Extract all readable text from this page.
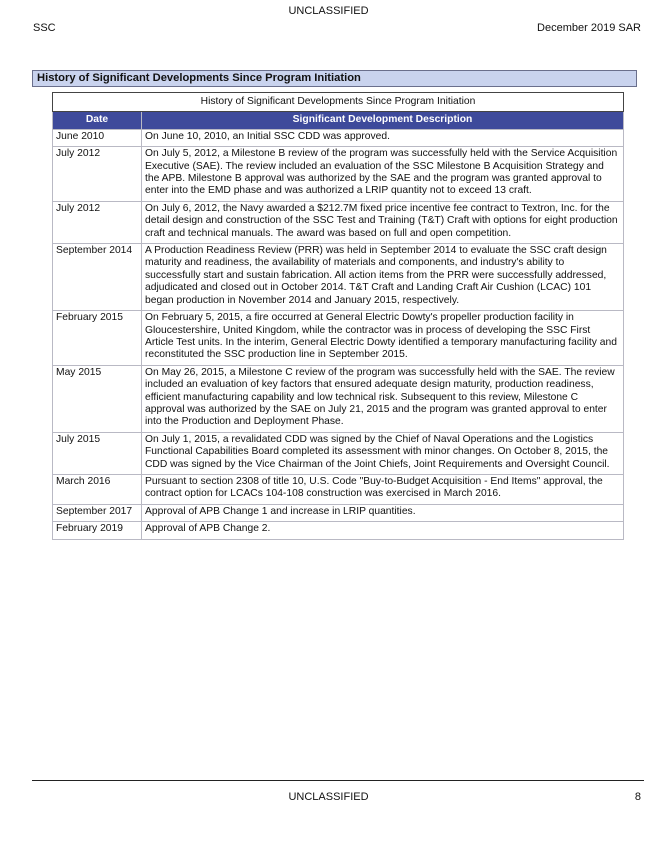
UNCLASSIFIED
SSC	December 2019 SAR
History of Significant Developments Since Program Initiation
History of Significant Developments Since Program Initiation	
Date	Significant Development Description
June 2010	On June 10, 2010, an Initial SSC CDD was approved.
July 2012	On July 5, 2012, a Milestone B review of the program was successfully held with the Service Acquisition Executive (SAE). The review included an evaluation of the SSC Milestone B Acquisition Strategy and the APB. Milestone B approval was authorized by the SAE and the program was granted approval to enter into the EMD phase and was authorized a LRIP quantity not to exceed 13 craft.
July 2012	On July 6, 2012, the Navy awarded a $212.7M fixed price incentive fee contract to Textron, Inc. for the detail design and construction of the SSC Test and Training (T&T) Craft with options for eight production craft and technical manuals. The award was based on full and open competition.
September 2014	A Production Readiness Review (PRR) was held in September 2014 to evaluate the SSC craft design maturity and readiness, the availability of materials and components, and industry's ability to successfully start and sustain fabrication. All action items from the PRR were successfully addressed, adjudicated and closed out in October 2014. T&T Craft and Landing Craft Air Cushion (LCAC) 101 began production in November 2014 and January 2015, respectively.
February 2015	On February 5, 2015, a fire occurred at General Electric Dowty's propeller production facility in Gloucestershire, United Kingdom, while the contractor was in process of developing the SSC First Article Test units. In the interim, General Electric Dowty identified a temporary manufacturing facility and reconstituted the SSC production line in September 2015.
May 2015	On May 26, 2015, a Milestone C review of the program was successfully held with the SAE. The review included an evaluation of key factors that ensured adequate design maturity, production readiness, efficient manufacturing capability and low technical risk. Subsequent to this review, Milestone C approval was authorized by the SAE on July 21, 2015 and the program was granted approval to enter into the Production and Deployment Phase.
July 2015	On July 1, 2015, a revalidated CDD was signed by the Chief of Naval Operations and the Logistics Functional Capabilities Board completed its assessment with minor changes. On October 8, 2015, the CDD was signed by the Vice Chairman of the Joint Chiefs, Joint Requirements and Oversight Council.
March 2016	Pursuant to section 2308 of title 10, U.S. Code "Buy-to-Budget Acquisition - End Items" approval, the contract option for LCACs 104-108 construction was exercised in March 2016.
September 2017	Approval of APB Change 1 and increase in LRIP quantities.
February 2019	Approval of APB Change 2.
UNCLASSIFIED	8
